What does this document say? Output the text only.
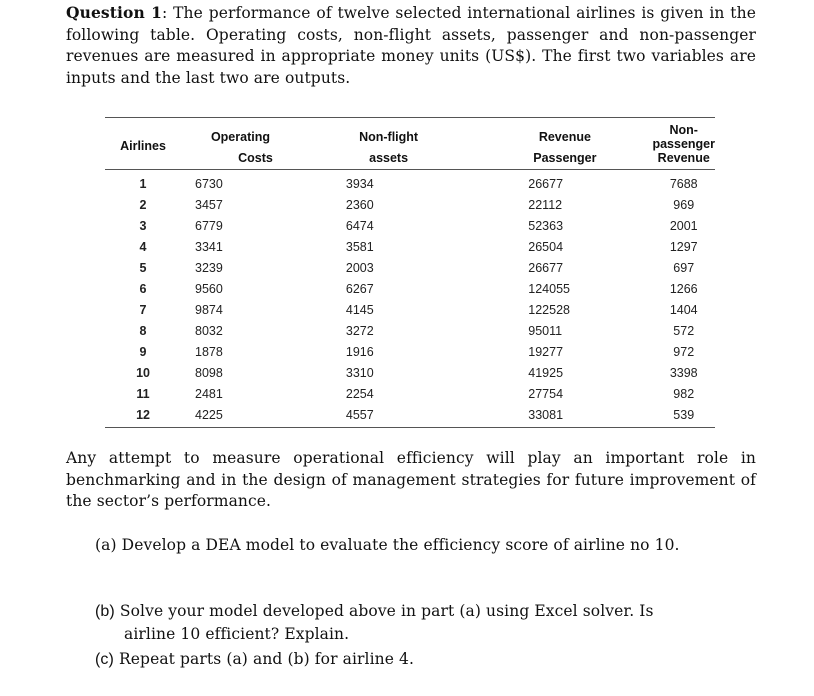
Question 1: The performance of twelve selected international airlines is given in the following table. Operating costs, non-flight assets, passenger and non-passenger revenues are measured in appropriate money units (US$). The first two variables are inputs and the last two are outputs.
Airlines	Operating	Non-flight	Revenue	Non-passenger
	Costs	assets	Passenger	Revenue
1	6730	3934	26677	7688
2	3457	2360	22112	969
3	6779	6474	52363	2001
4	3341	3581	26504	1297
5	3239	2003	26677	697
6	9560	6267	124055	1266
7	9874	4145	122528	1404
8	8032	3272	95011	572
9	1878	1916	19277	972
10	8098	3310	41925	3398
11	2481	2254	27754	982
12	4225	4557	33081	539
Any attempt to measure operational efficiency will play an important role in benchmarking and in the design of management strategies for future improvement of the sector’s performance.
(a) Develop a DEA model to evaluate the efficiency score of airline no 10.
(b) Solve your model developed above in part (a) using Excel solver. Is
airline 10 efficient? Explain.
(c) Repeat parts (a) and (b) for airline 4.
